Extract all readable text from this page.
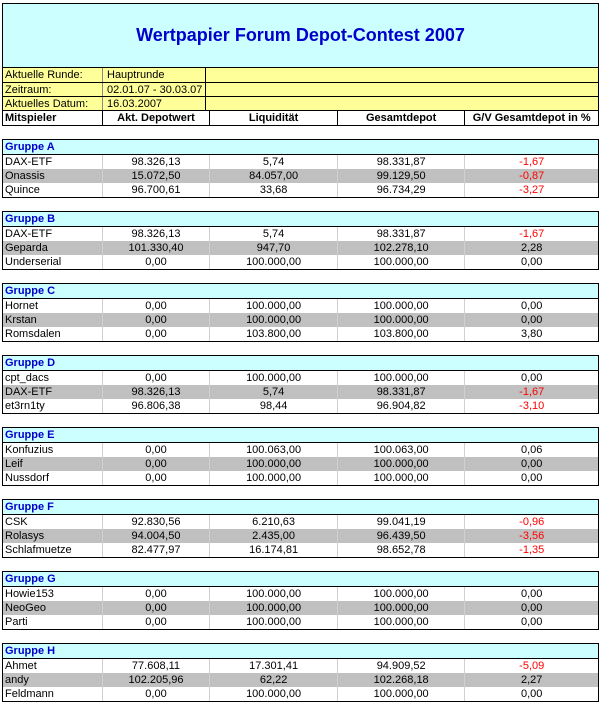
Wertpapier Forum Depot-Contest 2007
Aktuelle Runde:	Hauptrunde
Zeitraum:	02.01.07 - 30.03.07
Aktuelles Datum:	16.03.2007
Mitspieler	Akt. Depotwert	Liquidität	Gesamtdepot	G/V Gesamtdepot in %
Gruppe A
DAX-ETF	98.326,13	5,74	98.331,87	-1,67
Onassis	15.072,50	84.057,00	99.129,50	-0,87
Quince	96.700,61	33,68	96.734,29	-3,27
Gruppe B
DAX-ETF	98.326,13	5,74	98.331,87	-1,67
Geparda	101.330,40	947,70	102.278,10	2,28
Underserial	0,00	100.000,00	100.000,00	0,00
Gruppe C
Hornet	0,00	100.000,00	100.000,00	0,00
Krstan	0,00	100.000,00	100.000,00	0,00
Romsdalen	0,00	103.800,00	103.800,00	3,80
Gruppe D
cpt_dacs	0,00	100.000,00	100.000,00	0,00
DAX-ETF	98.326,13	5,74	98.331,87	-1,67
et3rn1ty	96.806,38	98,44	96.904,82	-3,10
Gruppe E
Konfuzius	0,00	100.063,00	100.063,00	0,06
Leif	0,00	100.000,00	100.000,00	0,00
Nussdorf	0,00	100.000,00	100.000,00	0,00
Gruppe F
CSK	92.830,56	6.210,63	99.041,19	-0,96
Rolasys	94.004,50	2.435,00	96.439,50	-3,56
Schlafmuetze	82.477,97	16.174,81	98.652,78	-1,35
Gruppe G
Howie153	0,00	100.000,00	100.000,00	0,00
NeoGeo	0,00	100.000,00	100.000,00	0,00
Parti	0,00	100.000,00	100.000,00	0,00
Gruppe H
Ahmet	77.608,11	17.301,41	94.909,52	-5,09
andy	102.205,96	62,22	102.268,18	2,27
Feldmann	0,00	100.000,00	100.000,00	0,00
